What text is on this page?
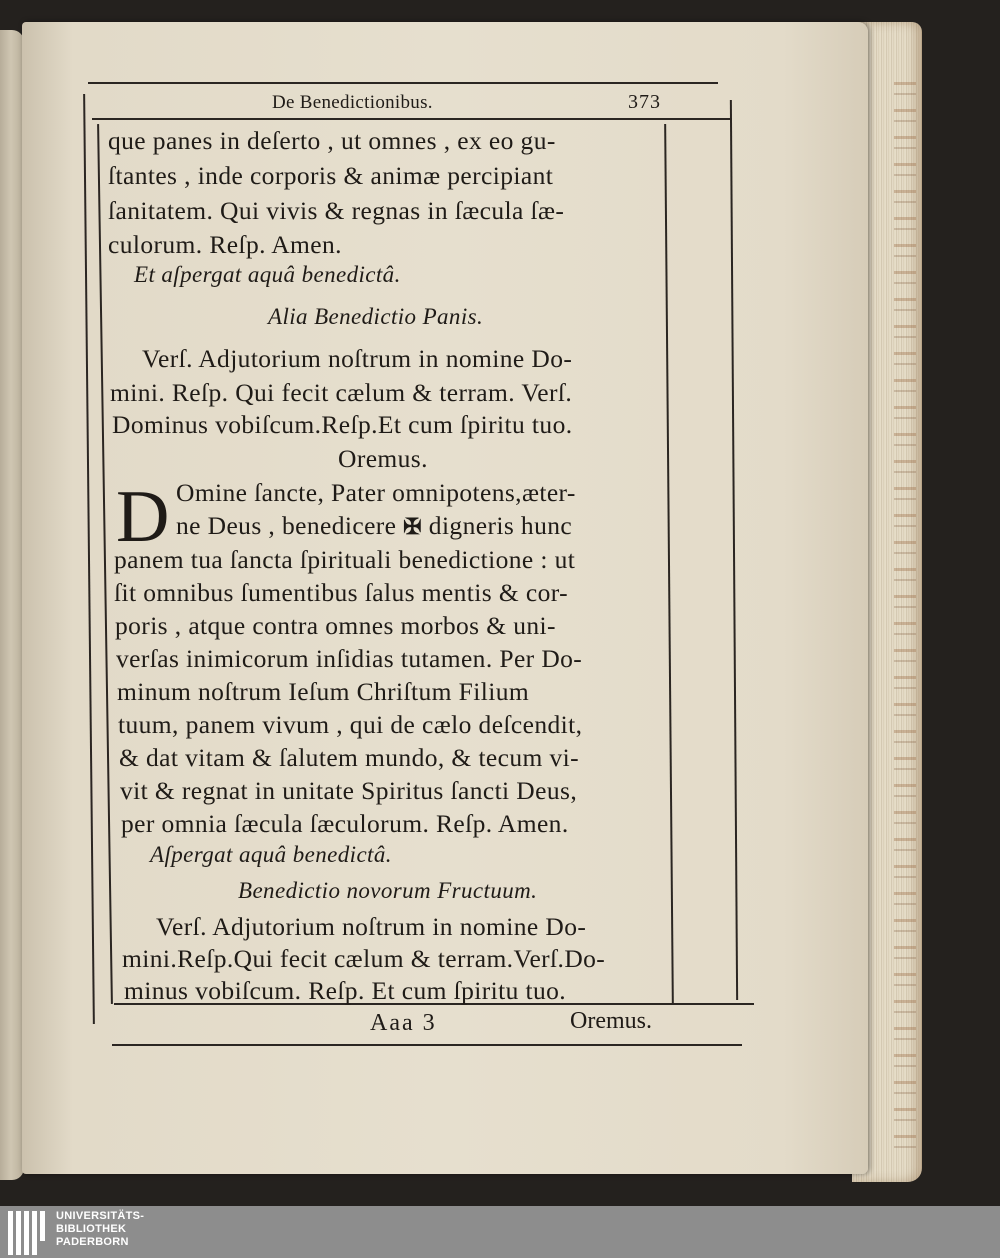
De Benedictionibus.	373
que panes in deſerto , ut omnes , ex eo gu-
ſtantes , inde corporis & animæ percipiant
ſanitatem. Qui vivis & regnas in ſæcula ſæ-
culorum. Reſp. Amen.
Et aſpergat aquâ benedictâ.
Alia Benedictio Panis.
Verſ. Adjutorium noſtrum in nomine Do-
mini. Reſp. Qui fecit cælum & terram. Verſ.
Dominus vobiſcum.Reſp.Et cum ſpiritu tuo.
Oremus.
D Omine ſancte, Pater omnipotens,æter-
ne Deus , benedicere ✠ digneris hunc
panem tua ſancta ſpirituali benedictione : ut
ſit omnibus ſumentibus ſalus mentis & cor-
poris , atque contra omnes morbos & uni-
verſas inimicorum inſidias tutamen. Per Do-
minum noſtrum Ieſum Chriſtum Filium
tuum, panem vivum , qui de cælo deſcendit,
& dat vitam & ſalutem mundo, & tecum vi-
vit & regnat in unitate Spiritus ſancti Deus,
per omnia ſæcula ſæculorum. Reſp. Amen.
Aſpergat aquâ benedictâ.
Benedictio novorum Fructuum.
Verſ. Adjutorium noſtrum in nomine Do-
mini.Reſp.Qui fecit cælum & terram.Verſ.Do-
minus vobiſcum. Reſp. Et cum ſpiritu tuo.
Aaa 3	Oremus.
UNIVERSITÄTS-
BIBLIOTHEK
PADERBORN
